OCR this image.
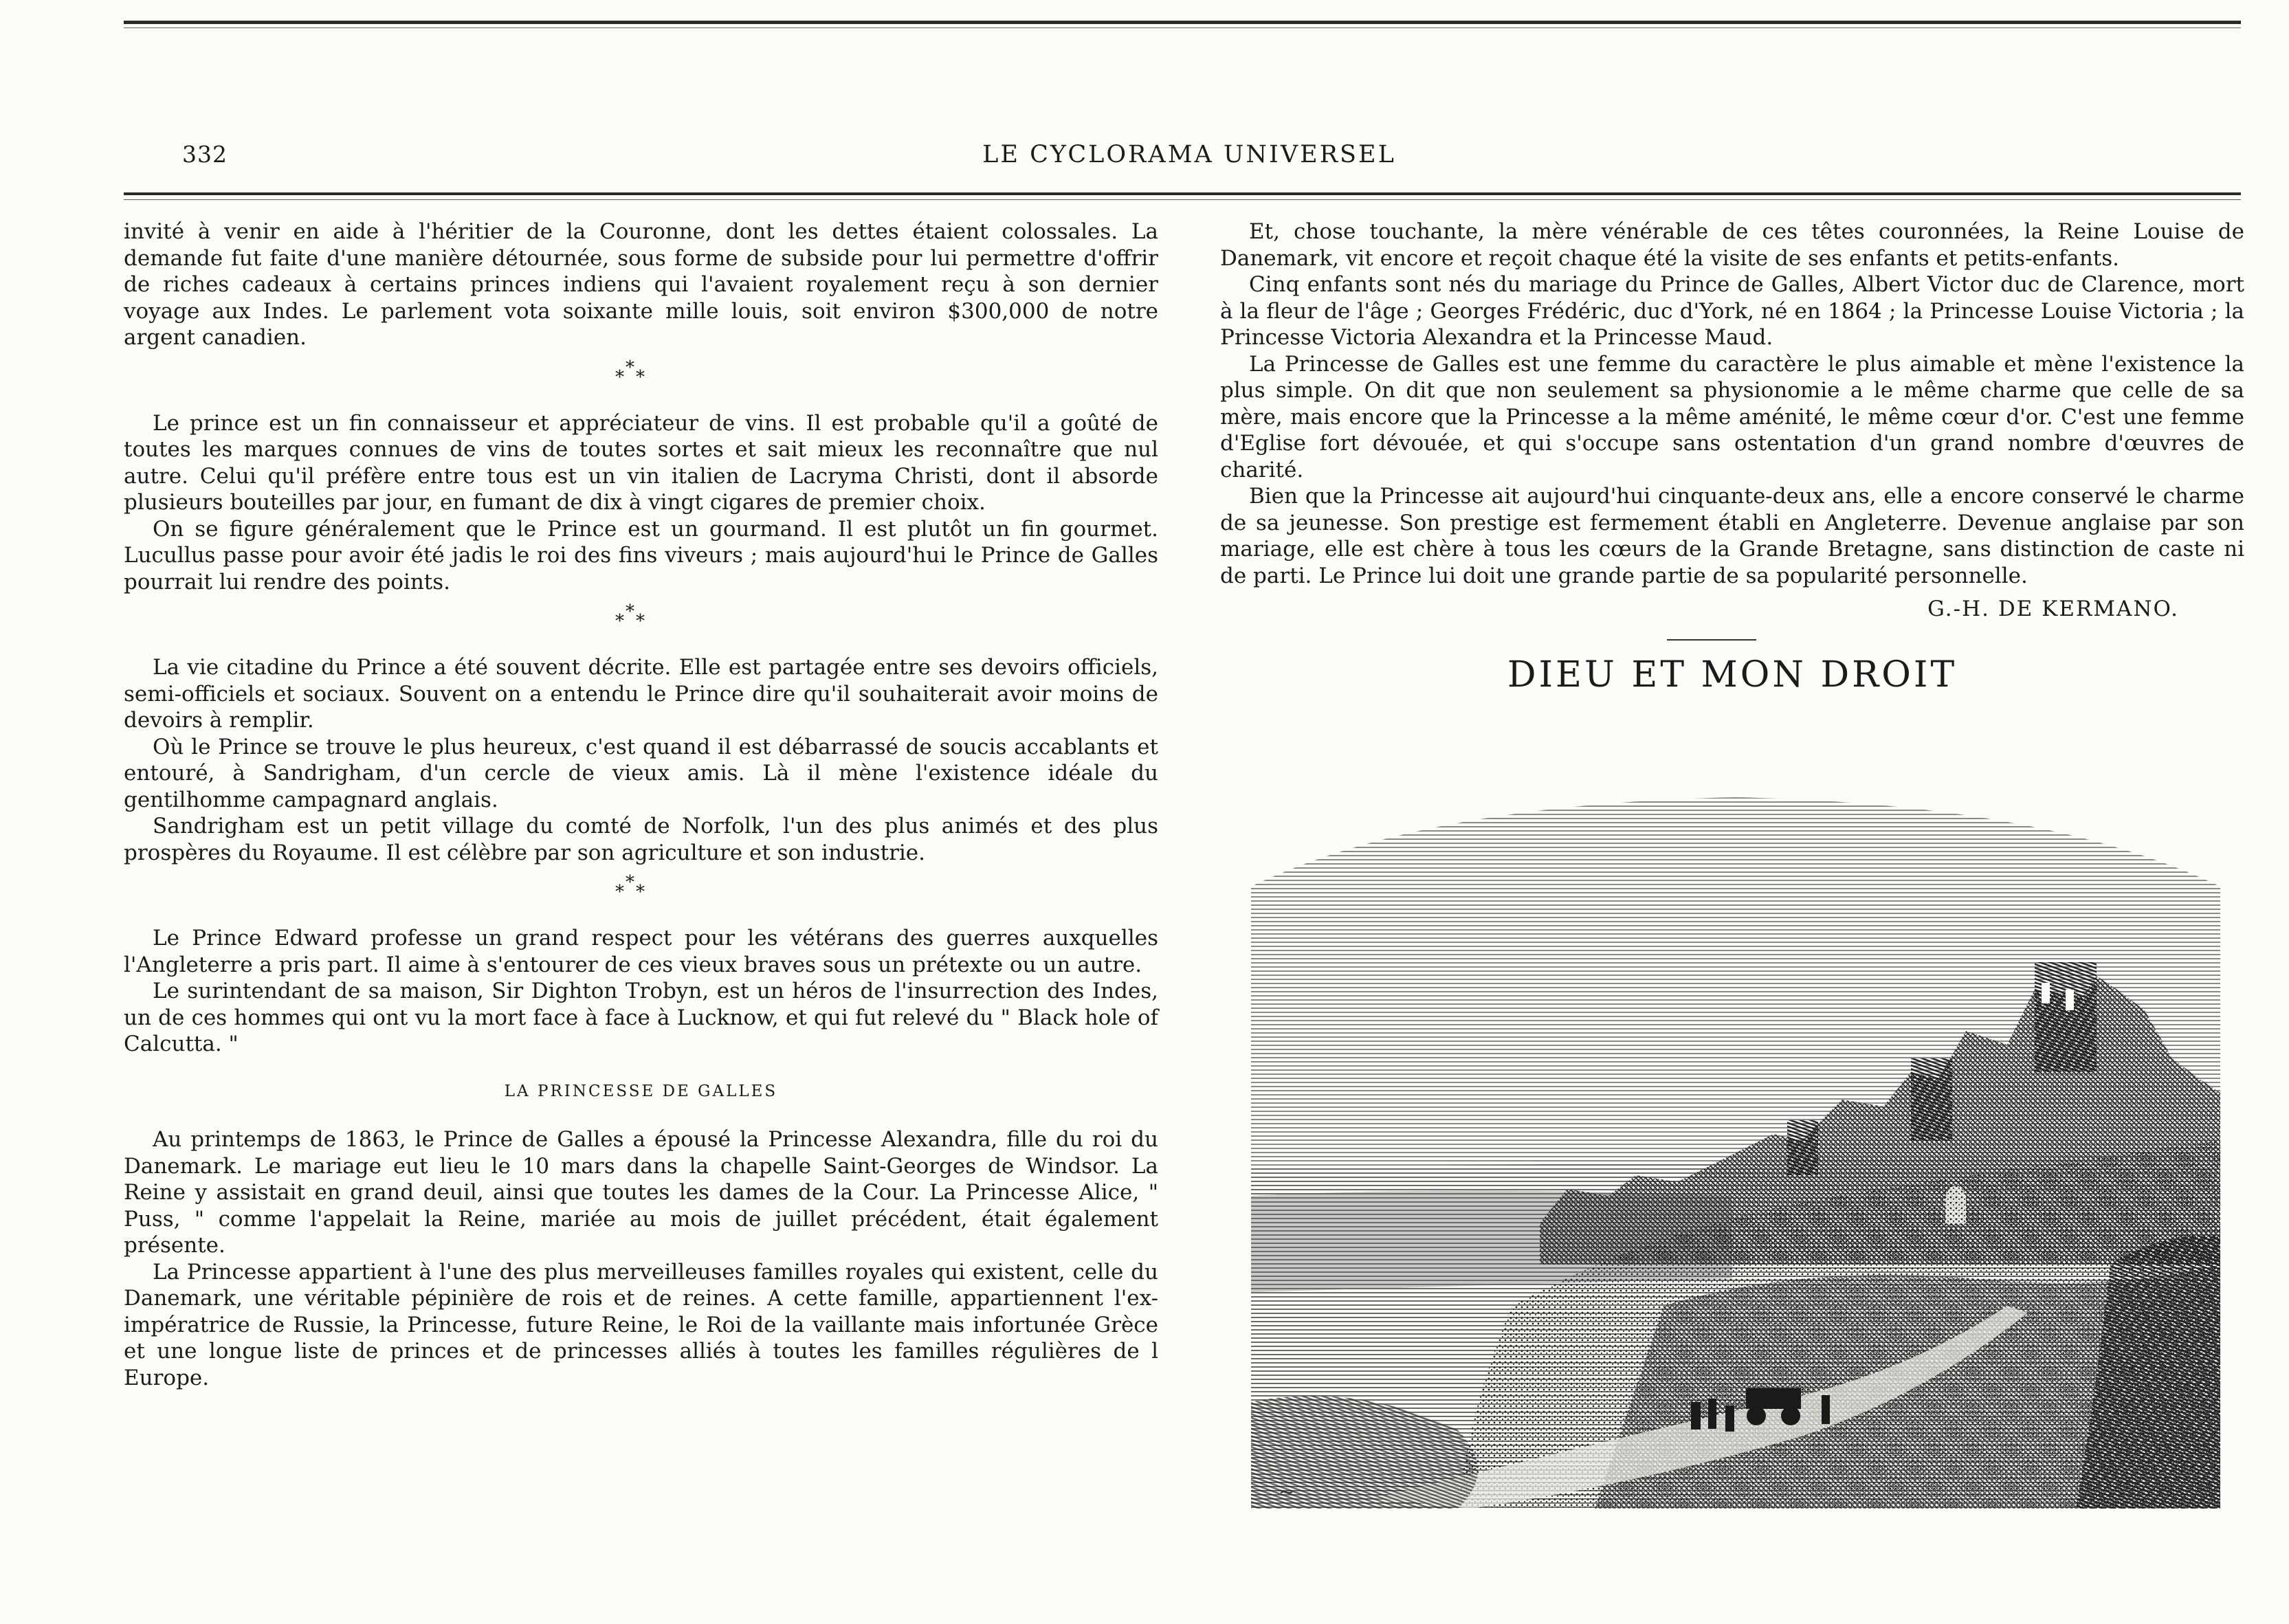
332	LE CYCLORAMA UNIVERSEL

invité à venir en aide à l'héritier de la Couronne, dont les dettes étaient colossales. La demande fut faite d'une manière détournée, sous forme de subside pour lui permettre d'offrir de riches cadeaux à certains princes indiens qui l'avaient royalement reçu à son dernier voyage aux Indes. Le parlement vota soixante mille louis, soit environ $300,000 de notre argent canadien.

*
* *

Le prince est un fin connaisseur et appréciateur de vins. Il est probable qu'il a goûté de toutes les marques connues de vins de toutes sortes et sait mieux les reconnaître que nul autre. Celui qu'il préfère entre tous est un vin italien de Lacryma Christi, dont il absorde plusieurs bouteilles par jour, en fumant de dix à vingt cigares de premier choix.

On se figure généralement que le Prince est un gourmand. Il est plutôt un fin gourmet. Lucullus passe pour avoir été jadis le roi des fins viveurs ; mais aujourd'hui le Prince de Galles pourrait lui rendre des points.

*
* *

La vie citadine du Prince a été souvent décrite. Elle est partagée entre ses devoirs officiels, semi-officiels et sociaux. Souvent on a entendu le Prince dire qu'il souhaiterait avoir moins de devoirs à remplir.

Où le Prince se trouve le plus heureux, c'est quand il est débarrassé de soucis accablants et entouré, à Sandrigham, d'un cercle de vieux amis. Là il mène l'existence idéale du gentilhomme campagnard anglais.

Sandrigham est un petit village du comté de Norfolk, l'un des plus animés et des plus prospères du Royaume. Il est célèbre par son agriculture et son industrie.

*
* *

Le Prince Edward professe un grand respect pour les vétérans des guerres auxquelles l'Angleterre a pris part. Il aime à s'entourer de ces vieux braves sous un prétexte ou un autre.

Le surintendant de sa maison, Sir Dighton Trobyn, est un héros de l'insurrection des Indes, un de ces hommes qui ont vu la mort face à face à Lucknow, et qui fut relevé du " Black hole of Calcutta. "

LA PRINCESSE DE GALLES

Au printemps de 1863, le Prince de Galles a épousé la Princesse Alexandra, fille du roi du Danemark. Le mariage eut lieu le 10 mars dans la chapelle Saint-Georges de Windsor. La Reine y assistait en grand deuil, ainsi que toutes les dames de la Cour. La Princesse Alice, " Puss, " comme l'appelait la Reine, mariée au mois de juillet précédent, était également présente.

La Princesse appartient à l'une des plus merveilleuses familles royales qui existent, celle du Danemark, une véritable pépinière de rois et de reines. A cette famille, appartiennent l'ex-impératrice de Russie, la Princesse, future Reine, le Roi de la vaillante mais infortunée Grèce et une longue liste de princes et de princesses alliés à toutes les familles régulières de l Europe.

Et, chose touchante, la mère vénérable de ces têtes couronnées, la Reine Louise de Danemark, vit encore et reçoit chaque été la visite de ses enfants et petits-enfants.

Cinq enfants sont nés du mariage du Prince de Galles, Albert Victor duc de Clarence, mort à la fleur de l'âge ; Georges Frédéric, duc d'York, né en 1864 ; la Princesse Louise Victoria ; la Princesse Victoria Alexandra et la Princesse Maud.

La Princesse de Galles est une femme du caractère le plus aimable et mène l'existence la plus simple. On dit que non seulement sa physionomie a le même charme que celle de sa mère, mais encore que la Princesse a la même aménité, le même cœur d'or. C'est une femme d'Eglise fort dévouée, et qui s'occupe sans ostentation d'un grand nombre d'œuvres de charité.

Bien que la Princesse ait aujourd'hui cinquante-deux ans, elle a encore conservé le charme de sa jeunesse. Son prestige est fermement établi en Angleterre. Devenue anglaise par son mariage, elle est chère à tous les cœurs de la Grande Bretagne, sans distinction de caste ni de parti. Le Prince lui doit une grande partie de sa popularité personnelle.

G.-H. DE KERMANO.
DIEU ET MON DROIT
~
